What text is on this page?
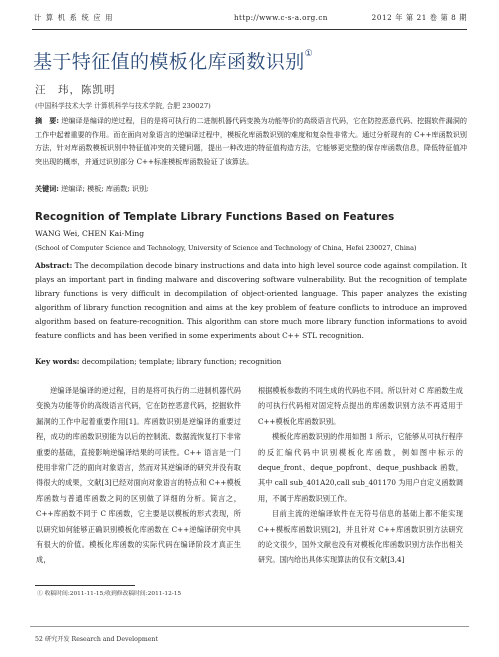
计 算 机 系 统 应 用	http://www.c-s-a.org.cn	2012 年 第 21 卷 第 8 期
基于特征值的模板化库函数识别①
汪　玮，陈凯明
(中国科学技术大学 计算机科学与技术学院, 合肥 230027)
摘　要: 逆编译是编译的逆过程，目的是将可执行的二进制机器代码变换为功能等价的高级语言代码，它在防控恶意代码、挖掘软件漏洞的工作中起着重要的作用。而在面向对象语言的逆编译过程中，模板化库函数识别的难度和复杂性非常大。通过分析现有的 C++库函数识别方法，针对库函数模板识别中特征值冲突的关键问题，提出一种改进的特征值构造方法，它能够更完整的保存库函数信息，降低特征值冲突出现的概率，并通过识别部分 C++标准模板库函数验证了该算法。
关键词: 逆编译; 模板; 库函数; 识别;
Recognition of Template Library Functions Based on Features
WANG Wei, CHEN Kai-Ming
(School of Computer Science and Technology, University of Science and Technology of China, Hefei 230027, China)
Abstract: The decompilation decode binary instructions and data into high level source code against compilation. It plays an important part in finding malware and discovering software vulnerability. But the recognition of template library functions is very difficult in decompilation of object-oriented language. This paper analyzes the existing algorithm of library function recognition and aims at the key problem of feature conflicts to introduce an improved algorithm based on feature-recognition. This algorithm can store much more library function informations to avoid feature conflicts and has been verified in some experiments about C++ STL recognition.
Key words: decompilation; template; library function; recognition
逆编译是编译的逆过程，目的是将可执行的二进制机器代码变换为功能等价的高级语言代码，它在防控恶意代码，挖掘软件漏洞的工作中起着重要作用[1]。库函数识别是逆编译的重要过程，成功的库函数识别能为以后的控制流、数据流恢复打下非常重要的基础，直接影响逆编译结果的可读性。C++ 语言是一门使用非常广泛的面向对象语言，然而对其逆编译的研究并没有取得很大的成果，文献[3]已经对面向对象语言的特点和 C++模板库函数与普通库函数之间的区别做了详细的分析。简言之，C++库函数不同于 C 库函数，它主要是以模板的形式表现，所以研究如何能够正确识别模板化库函数在 C++逆编译研究中具有很大的价值。模板化库函数的实际代码在编译阶段才真正生成，

根据模板参数的不同生成的代码也不同。所以针对 C 库函数生成的可执行代码相对固定特点提出的库函数识别方法不再适用于 C++模板化库函数识别。

模板化库函数识别的作用如图 1 所示，它能够从可执行程序的反汇编代码中识别模板化库函数，例如图中标示的 deque_front、deque_popfront、deque_pushback 函数，其中 call sub_401A20,call sub_401170 为用户自定义函数调用，不属于库函数识别工作。

目前主流的逆编译软件在无符号信息的基础上都不能实现 C++模板库函数识别[2]，并且针对 C++库函数识别方法研究的论文很少，国外文献也没有对模板化库函数识别方法作出相关研究。国内给出具体实现算法的仅有文献[3,4]

① 收稿时间:2011-11-15;收到修改稿时间:2011-12-15
52 研究开发 Research and Development
